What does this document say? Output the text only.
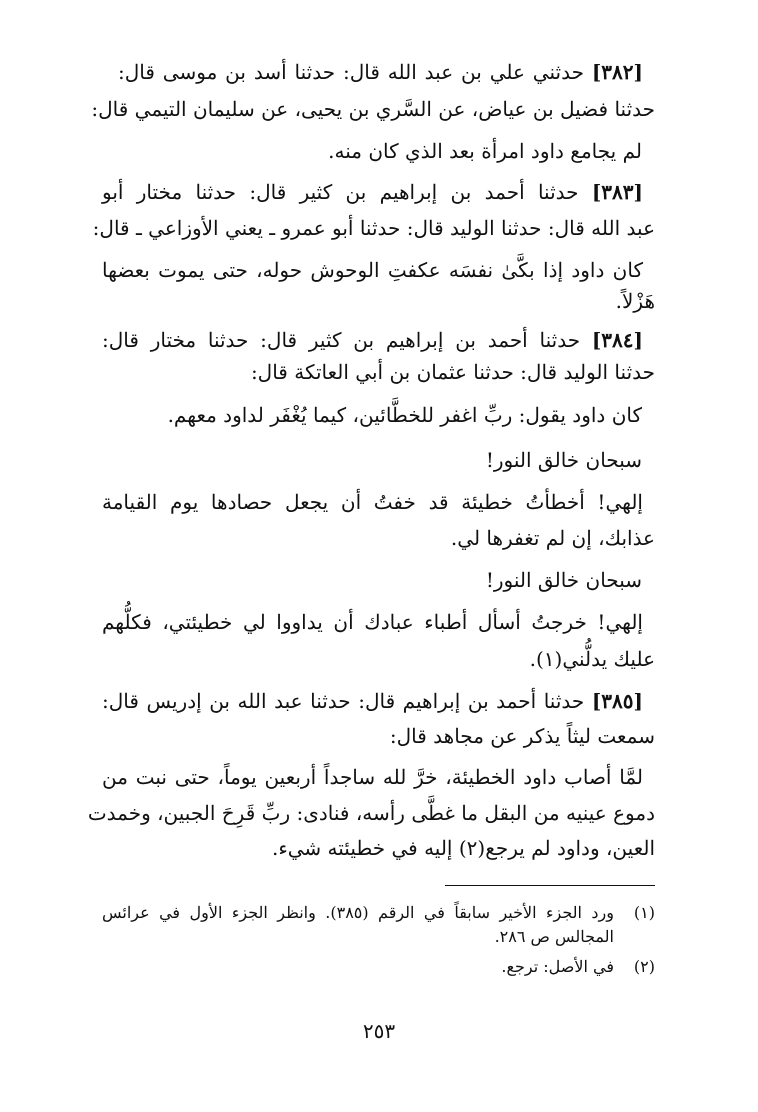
[٣٨٢] حدثني علي بن عبد الله قال: حدثنا أسد بن موسى قال:
حدثنا فضيل بن عياض، عن السَّري بن يحيى، عن سليمان التيمي قال:
لم يجامع داود امرأة بعد الذي كان منه.
[٣٨٣] حدثنا أحمد بن إبراهيم بن كثير قال: حدثنا مختار أبو
عبد الله قال: حدثنا الوليد قال: حدثنا أبو عمرو ـ يعني الأوزاعي ـ قال:
كان داود إذا بكَّىٰ نفسَه عكفتِ الوحوش حوله، حتى يموت بعضها
هَزْلاً.
[٣٨٤] حدثنا أحمد بن إبراهيم بن كثير قال: حدثنا مختار قال:
حدثنا الوليد قال: حدثنا عثمان بن أبي العاتكة قال:
كان داود يقول: ربِّ اغفر للخطَّائين، كيما يُغْفَر لداود معهم.
سبحان خالق النور!
إلهي! أخطأتُ خطيئة قد خفتُ أن يجعل حصادها يوم القيامة
عذابك، إن لم تغفرها لي.
سبحان خالق النور!
إلهي! خرجتُ أسأل أطباء عبادك أن يداووا لي خطيئتي، فكلُّهم
عليك يدلُّني(١).
[٣٨٥] حدثنا أحمد بن إبراهيم قال: حدثنا عبد الله بن إدريس قال:
سمعت ليثاً يذكر عن مجاهد قال:
لمَّا أصاب داود الخطيئة، خرَّ لله ساجداً أربعين يوماً، حتى نبت من
دموع عينيه من البقل ما غطَّى رأسه، فنادى: ربِّ قَرِحَ الجبين، وخمدت
العين، وداود لم يرجع(٢) إليه في خطيئته شيء.
(١)
ورد الجزء الأخير سابقاً في الرقم (٣٨٥). وانظر الجزء الأول في عرائس
المجالس ص ٢٨٦.
(٢)
في الأصل: ترجع.
٢٥٣
